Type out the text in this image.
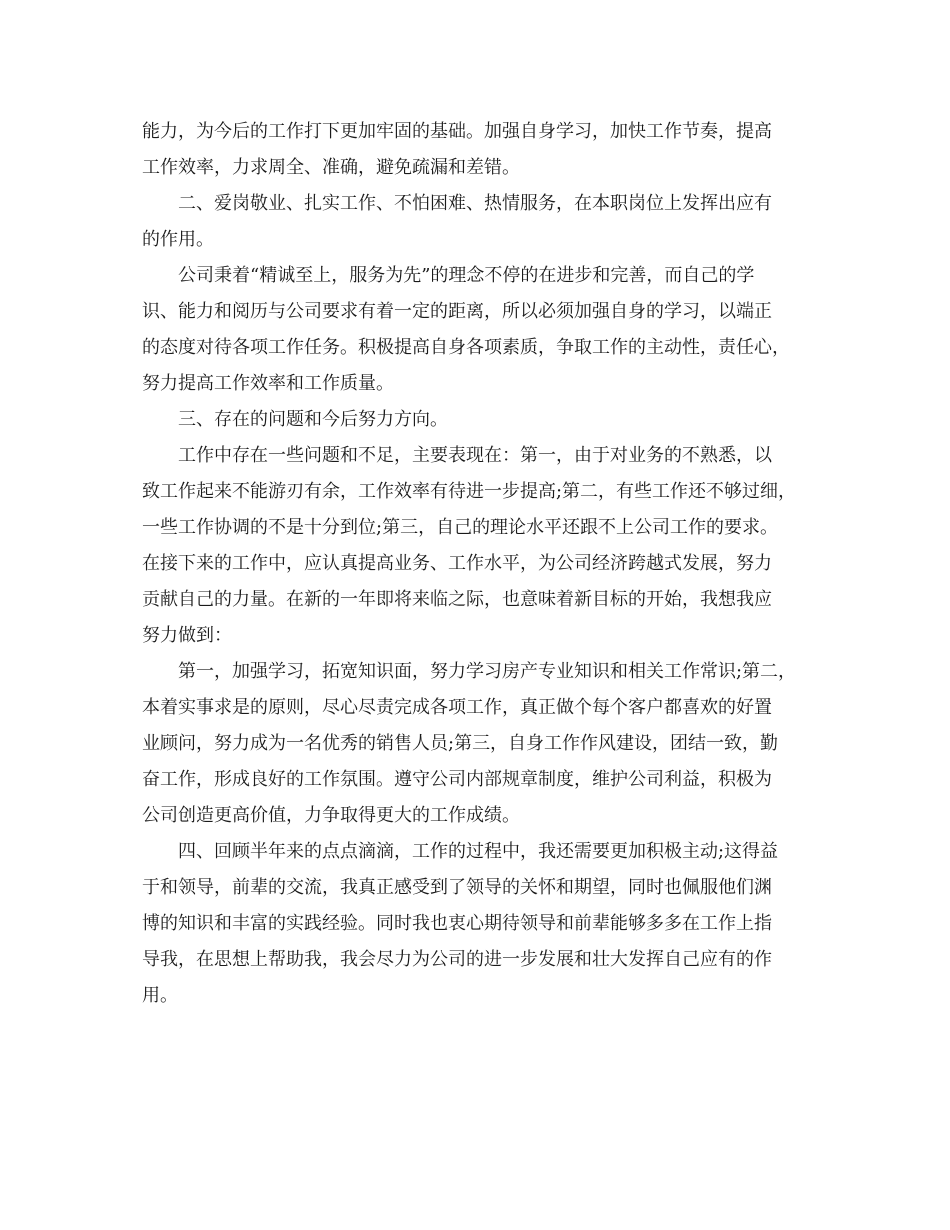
能力，为今后的工作打下更加牢固的基础。加强自身学习，加快工作节奏，提高
工作效率，力求周全、准确，避免疏漏和差错。
二、爱岗敬业、扎实工作、不怕困难、热情服务，在本职岗位上发挥出应有
的作用。
公司秉着“精诚至上，服务为先”的理念不停的在进步和完善，而自己的学
识、能力和阅历与公司要求有着一定的距离，所以必须加强自身的学习，以端正
的态度对待各项工作任务。积极提高自身各项素质，争取工作的主动性，责任心，
努力提高工作效率和工作质量。
三、存在的问题和今后努力方向。
工作中存在一些问题和不足，主要表现在：第一，由于对业务的不熟悉，以
致工作起来不能游刃有余，工作效率有待进一步提高;第二，有些工作还不够过细，
一些工作协调的不是十分到位;第三，自己的理论水平还跟不上公司工作的要求。
在接下来的工作中，应认真提高业务、工作水平，为公司经济跨越式发展，努力
贡献自己的力量。在新的一年即将来临之际，也意味着新目标的开始，我想我应
努力做到：
第一，加强学习，拓宽知识面，努力学习房产专业知识和相关工作常识;第二，
本着实事求是的原则，尽心尽责完成各项工作，真正做个每个客户都喜欢的好置
业顾问，努力成为一名优秀的销售人员;第三，自身工作作风建设，团结一致，勤
奋工作，形成良好的工作氛围。遵守公司内部规章制度，维护公司利益，积极为
公司创造更高价值，力争取得更大的工作成绩。
四、回顾半年来的点点滴滴，工作的过程中，我还需要更加积极主动;这得益
于和领导，前辈的交流，我真正感受到了领导的关怀和期望，同时也佩服他们渊
博的知识和丰富的实践经验。同时我也衷心期待领导和前辈能够多多在工作上指
导我，在思想上帮助我，我会尽力为公司的进一步发展和壮大发挥自己应有的作
用。
